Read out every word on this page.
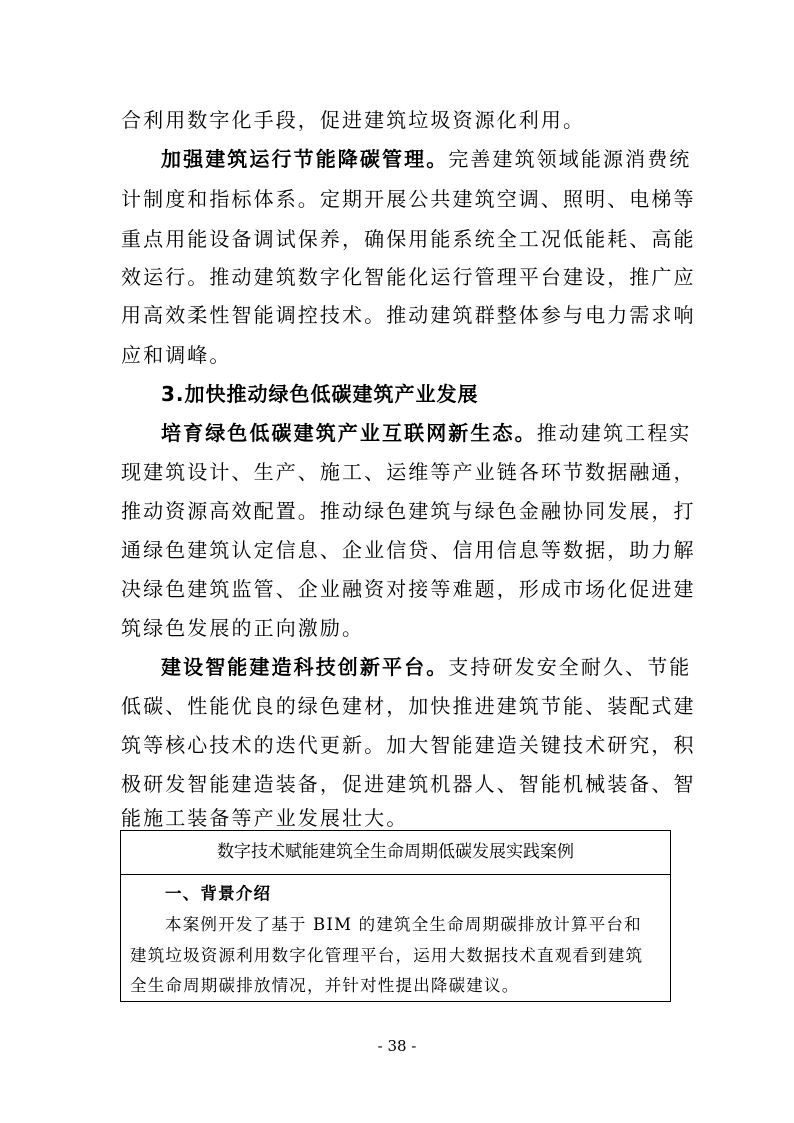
合利用数字化手段，促进建筑垃圾资源化利用。
加强建筑运行节能降碳管理。完善建筑领域能源消费统
计制度和指标体系。定期开展公共建筑空调、照明、电梯等
重点用能设备调试保养，确保用能系统全工况低能耗、高能
效运行。推动建筑数字化智能化运行管理平台建设，推广应
用高效柔性智能调控技术。推动建筑群整体参与电力需求响
应和调峰。
3.加快推动绿色低碳建筑产业发展
培育绿色低碳建筑产业互联网新生态。推动建筑工程实
现建筑设计、生产、施工、运维等产业链各环节数据融通，
推动资源高效配置。推动绿色建筑与绿色金融协同发展，打
通绿色建筑认定信息、企业信贷、信用信息等数据，助力解
决绿色建筑监管、企业融资对接等难题，形成市场化促进建
筑绿色发展的正向激励。
建设智能建造科技创新平台。支持研发安全耐久、节能
低碳、性能优良的绿色建材，加快推进建筑节能、装配式建
筑等核心技术的迭代更新。加大智能建造关键技术研究，积
极研发智能建造装备，促进建筑机器人、智能机械装备、智
能施工装备等产业发展壮大。
数字技术赋能建筑全生命周期低碳发展实践案例
一、背景介绍
本案例开发了基于 BIM 的建筑全生命周期碳排放计算平台和
建筑垃圾资源利用数字化管理平台，运用大数据技术直观看到建筑
全生命周期碳排放情况，并针对性提出降碳建议。
- 38 -
